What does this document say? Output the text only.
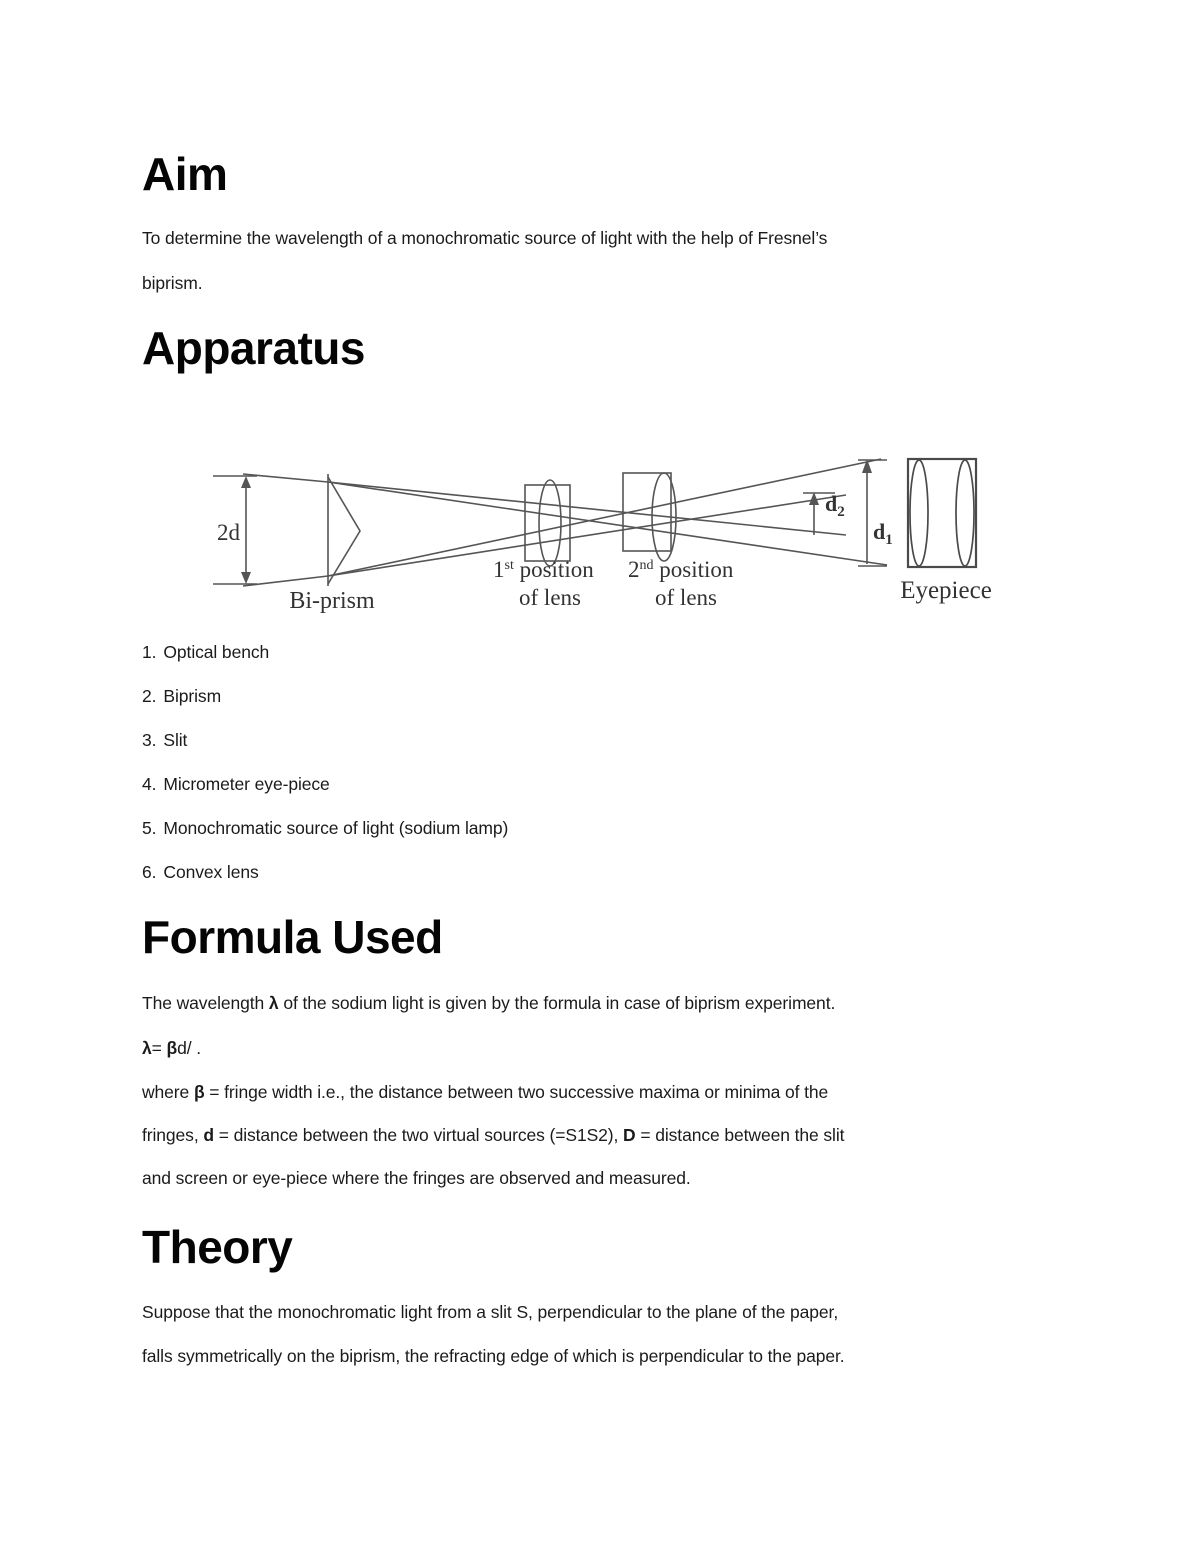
Aim
To determine the wavelength of a monochromatic source of light with the help of Fresnel’s
biprism.
Apparatus
2d
Bi-prism
1st position
of lens
2nd position
of lens
$d_2$
$d_1$
Eyepiece
1. Optical bench
2. Biprism
3. Slit
4. Micrometer eye-piece
5. Monochromatic source of light (sodium lamp)
6. Convex lens
Formula Used
The wavelength λ of the sodium light is given by the formula in case of biprism experiment.
λ= βd/ .
where β = fringe width i.e., the distance between two successive maxima or minima of the
fringes, d = distance between the two virtual sources (=S1S2), D = distance between the slit
and screen or eye-piece where the fringes are observed and measured.
Theory
Suppose that the monochromatic light from a slit S, perpendicular to the plane of the paper,
falls symmetrically on the biprism, the refracting edge of which is perpendicular to the paper.
